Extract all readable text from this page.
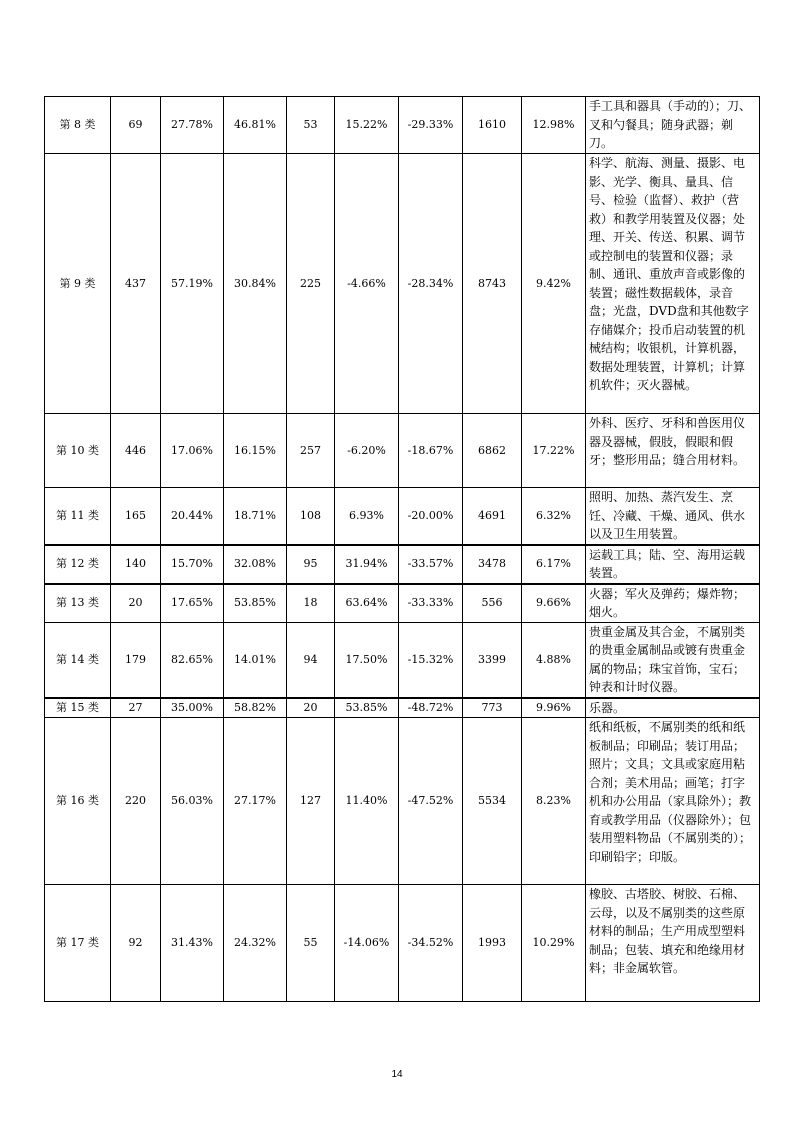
第 8 类	69	27.78%	46.81%	53	15.22%	-29.33%	1610	12.98%	手工具和器具（手动的）；刀、叉和勺餐具；随身武器；剃刀。
第 9 类	437	57.19%	30.84%	225	-4.66%	-28.34%	8743	9.42%	科学、航海、测量、摄影、电影、光学、衡具、量具、信号、检验（监督）、救护（营救）和教学用装置及仪器；处理、开关、传送、积累、调节或控制电的装置和仪器；录制、通讯、重放声音或影像的装置；磁性数据载体，录音盘；光盘，DVD盘和其他数字存储媒介；投币启动装置的机械结构；收银机，计算机器，数据处理装置，计算机；计算机软件；灭火器械。
第 10 类	446	17.06%	16.15%	257	-6.20%	-18.67%	6862	17.22%	外科、医疗、牙科和兽医用仪器及器械，假肢，假眼和假牙；整形用品；缝合用材料。
第 11 类	165	20.44%	18.71%	108	6.93%	-20.00%	4691	6.32%	照明、加热、蒸汽发生、烹饪、冷藏、干燥、通风、供水以及卫生用装置。
第 12 类	140	15.70%	32.08%	95	31.94%	-33.57%	3478	6.17%	运载工具；陆、空、海用运载装置。
第 13 类	20	17.65%	53.85%	18	63.64%	-33.33%	556	9.66%	火器；军火及弹药；爆炸物；烟火。
第 14 类	179	82.65%	14.01%	94	17.50%	-15.32%	3399	4.88%	贵重金属及其合金，不属别类的贵重金属制品或镀有贵重金属的物品；珠宝首饰，宝石；钟表和计时仪器。
第 15 类	27	35.00%	58.82%	20	53.85%	-48.72%	773	9.96%	乐器。
第 16 类	220	56.03%	27.17%	127	11.40%	-47.52%	5534	8.23%	纸和纸板，不属别类的纸和纸板制品；印刷品；装订用品；照片；文具；文具或家庭用粘合剂；美术用品；画笔；打字机和办公用品（家具除外）；教育或教学用品（仪器除外）；包装用塑料物品（不属别类的）；印刷铅字；印版。
第 17 类	92	31.43%	24.32%	55	-14.06%	-34.52%	1993	10.29%	橡胶、古塔胶、树胶、石棉、云母，以及不属别类的这些原材料的制品；生产用成型塑料制品；包装、填充和绝缘用材料；非金属软管。
14
